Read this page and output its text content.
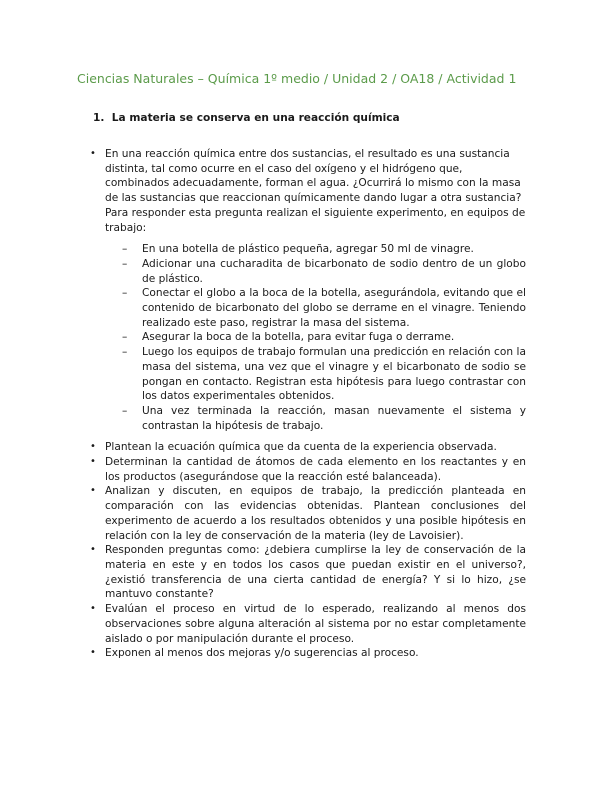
Ciencias Naturales – Química 1º medio / Unidad 2 / OA18 / Actividad 1
1. La materia se conserva en una reacción química
• En una reacción química entre dos sustancias, el resultado es una sustancia distinta, tal como ocurre en el caso del oxígeno y el hidrógeno que, combinados adecuadamente, forman el agua. ¿Ocurrirá lo mismo con la masa de las sustancias que reaccionan químicamente dando lugar a otra sustancia? Para responder esta pregunta realizan el siguiente experimento, en equipos de trabajo:
– En una botella de plástico pequeña, agregar 50 ml de vinagre.
– Adicionar una cucharadita de bicarbonato de sodio dentro de un globo de plástico.
– Conectar el globo a la boca de la botella, asegurándola, evitando que el contenido de bicarbonato del globo se derrame en el vinagre. Teniendo realizado este paso, registrar la masa del sistema.
– Asegurar la boca de la botella, para evitar fuga o derrame.
– Luego los equipos de trabajo formulan una predicción en relación con la masa del sistema, una vez que el vinagre y el bicarbonato de sodio se pongan en contacto. Registran esta hipótesis para luego contrastar con los datos experimentales obtenidos.
– Una vez terminada la reacción, masan nuevamente el sistema y contrastan la hipótesis de trabajo.
• Plantean la ecuación química que da cuenta de la experiencia observada.
• Determinan la cantidad de átomos de cada elemento en los reactantes y en los productos (asegurándose que la reacción esté balanceada).
• Analizan y discuten, en equipos de trabajo, la predicción planteada en comparación con las evidencias obtenidas. Plantean conclusiones del experimento de acuerdo a los resultados obtenidos y una posible hipótesis en relación con la ley de conservación de la materia (ley de Lavoisier).
• Responden preguntas como: ¿debiera cumplirse la ley de conservación de la materia en este y en todos los casos que puedan existir en el universo?, ¿existió transferencia de una cierta cantidad de energía? Y si lo hizo, ¿se mantuvo constante?
• Evalúan el proceso en virtud de lo esperado, realizando al menos dos observaciones sobre alguna alteración al sistema por no estar completamente aislado o por manipulación durante el proceso.
• Exponen al menos dos mejoras y/o sugerencias al proceso.
